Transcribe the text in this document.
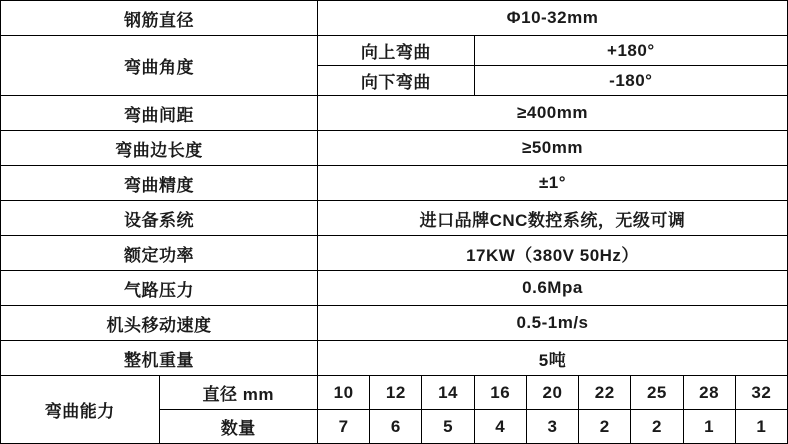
钢筋直径		Φ10-32mm								
弯曲角度		向上弯曲			+180°					
		向下弯曲			-180°					
弯曲间距		≥400mm								
弯曲边长度		≥50mm								
弯曲精度		±1°								
设备系统		进口品牌CNC数控系统，无级可调								
额定功率		17KW（380V 50Hz）								
气路压力		0.6Mpa								
机头移动速度		0.5-1m/s								
整机重量		5吨								
弯曲能力	直径 mm	10	12	14	16	20	22	25	28	32
	数量	7	6	5	4	3	2	2	1	1
